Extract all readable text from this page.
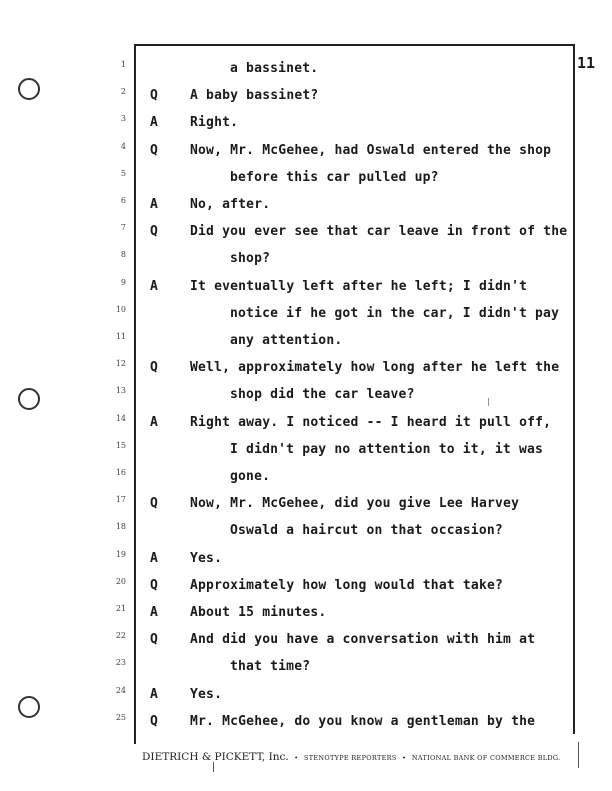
11
1	a bassinet.
2 Q A baby bassinet?
3 A Right.
4 Q Now, Mr. McGehee, had Oswald entered the shop
5	before this car pulled up?
6 A No, after.
7 Q Did you ever see that car leave in front of the
8	shop?
9 A It eventually left after he left; I didn't
10	notice if he got in the car, I didn't pay
11	any attention.
12 Q Well, approximately how long after he left the
13	shop did the car leave?
14 A Right away. I noticed -- I heard it pull off,
15	I didn't pay no attention to it, it was
16	gone.
17 Q Now, Mr. McGehee, did you give Lee Harvey
18	Oswald a haircut on that occasion?
19 A Yes.
20 Q Approximately how long would that take?
21 A About 15 minutes.
22 Q And did you have a conversation with him at
23	that time?
24 A Yes.
25 Q Mr. McGehee, do you know a gentleman by the
DIETRICH & PICKETT, Inc. • STENOTYPE REPORTERS • NATIONAL BANK OF COMMERCE BLDG.
